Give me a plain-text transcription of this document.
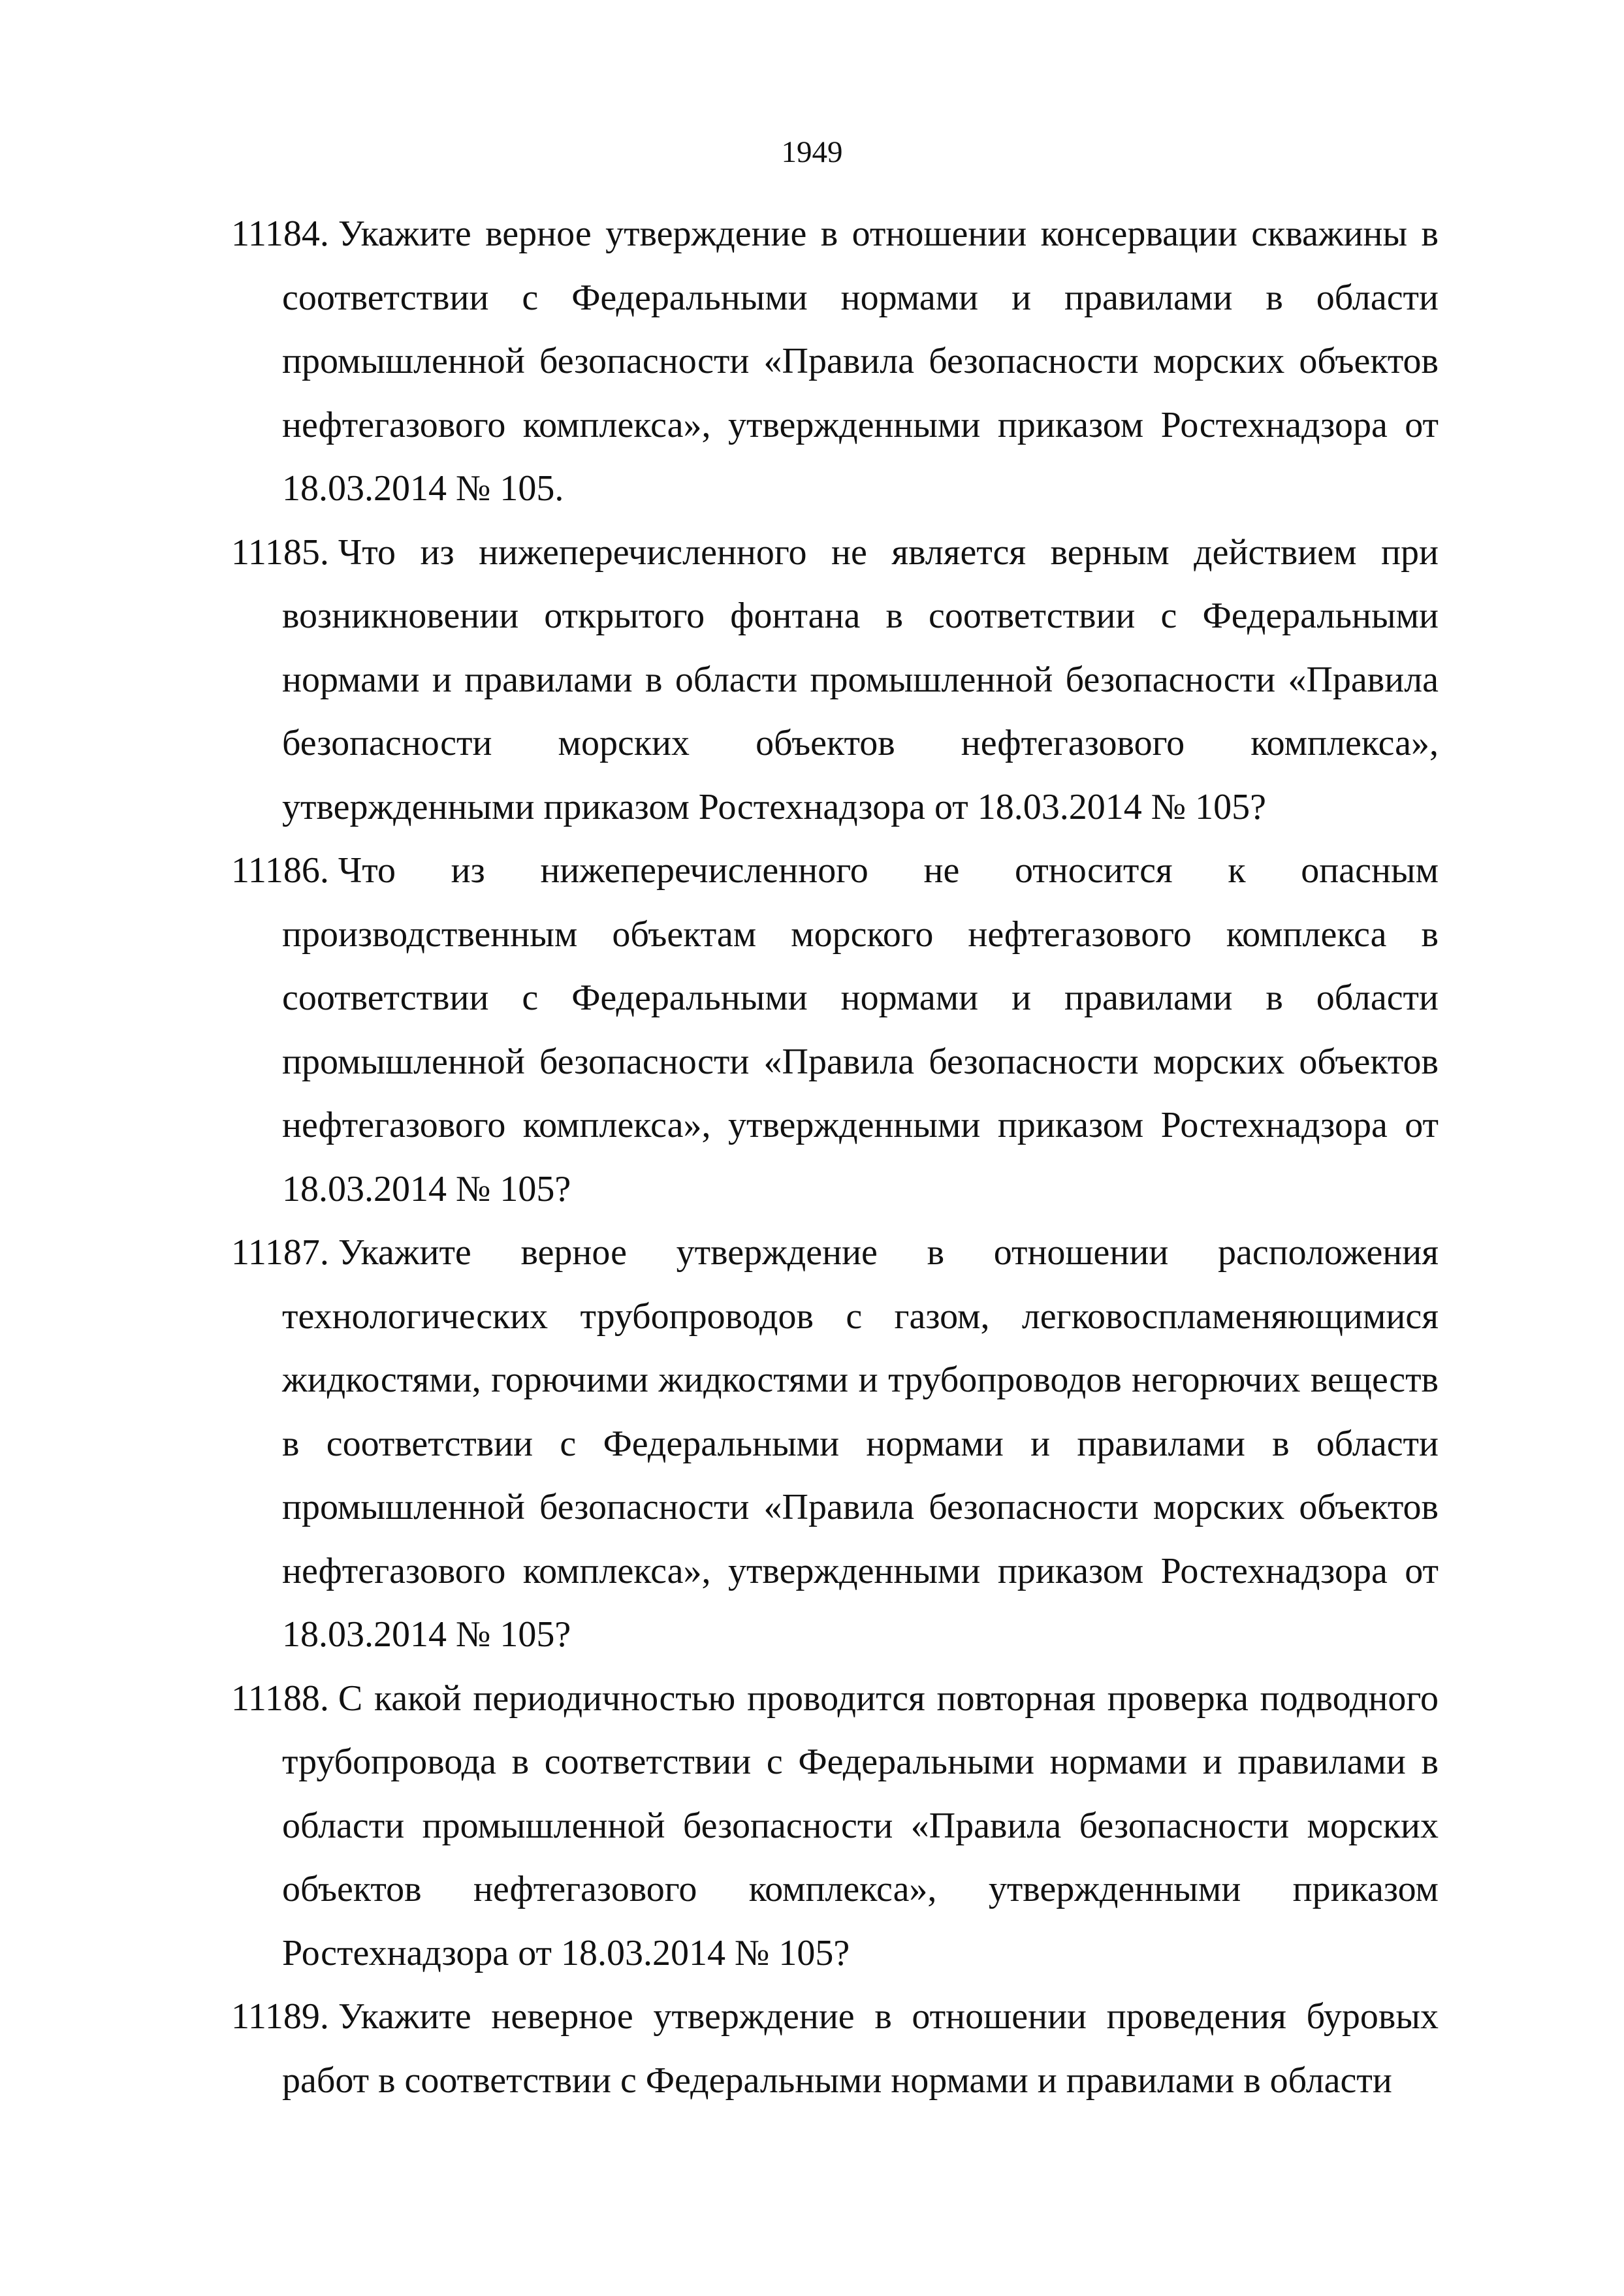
1949

11184. Укажите верное утверждение в отношении консервации скважины в соответствии с Федеральными нормами и правилами в области промышленной безопасности «Правила безопасности морских объектов нефтегазового комплекса», утвержденными приказом Ростехнадзора от 18.03.2014 № 105.

11185. Что из нижеперечисленного не является верным действием при возникновении открытого фонтана в соответствии с Федеральными нормами и правилами в области промышленной безопасности «Правила безопасности морских объектов нефтегазового комплекса», утвержденными приказом Ростехнадзора от 18.03.2014 № 105?

11186. Что из нижеперечисленного не относится к опасным производственным объектам морского нефтегазового комплекса в соответствии с Федеральными нормами и правилами в области промышленной безопасности «Правила безопасности морских объектов нефтегазового комплекса», утвержденными приказом Ростехнадзора от 18.03.2014 № 105?

11187. Укажите верное утверждение в отношении расположения технологических трубопроводов с газом, легковоспламеняющимися жидкостями, горючими жидкостями и трубопроводов негорючих веществ в соответствии с Федеральными нормами и правилами в области промышленной безопасности «Правила безопасности морских объектов нефтегазового комплекса», утвержденными приказом Ростехнадзора от 18.03.2014 № 105?

11188. С какой периодичностью проводится повторная проверка подводного трубопровода в соответствии с Федеральными нормами и правилами в области промышленной безопасности «Правила безопасности морских объектов нефтегазового комплекса», утвержденными приказом Ростехнадзора от 18.03.2014 № 105?

11189. Укажите неверное утверждение в отношении проведения буровых работ в соответствии с Федеральными нормами и правилами в области
